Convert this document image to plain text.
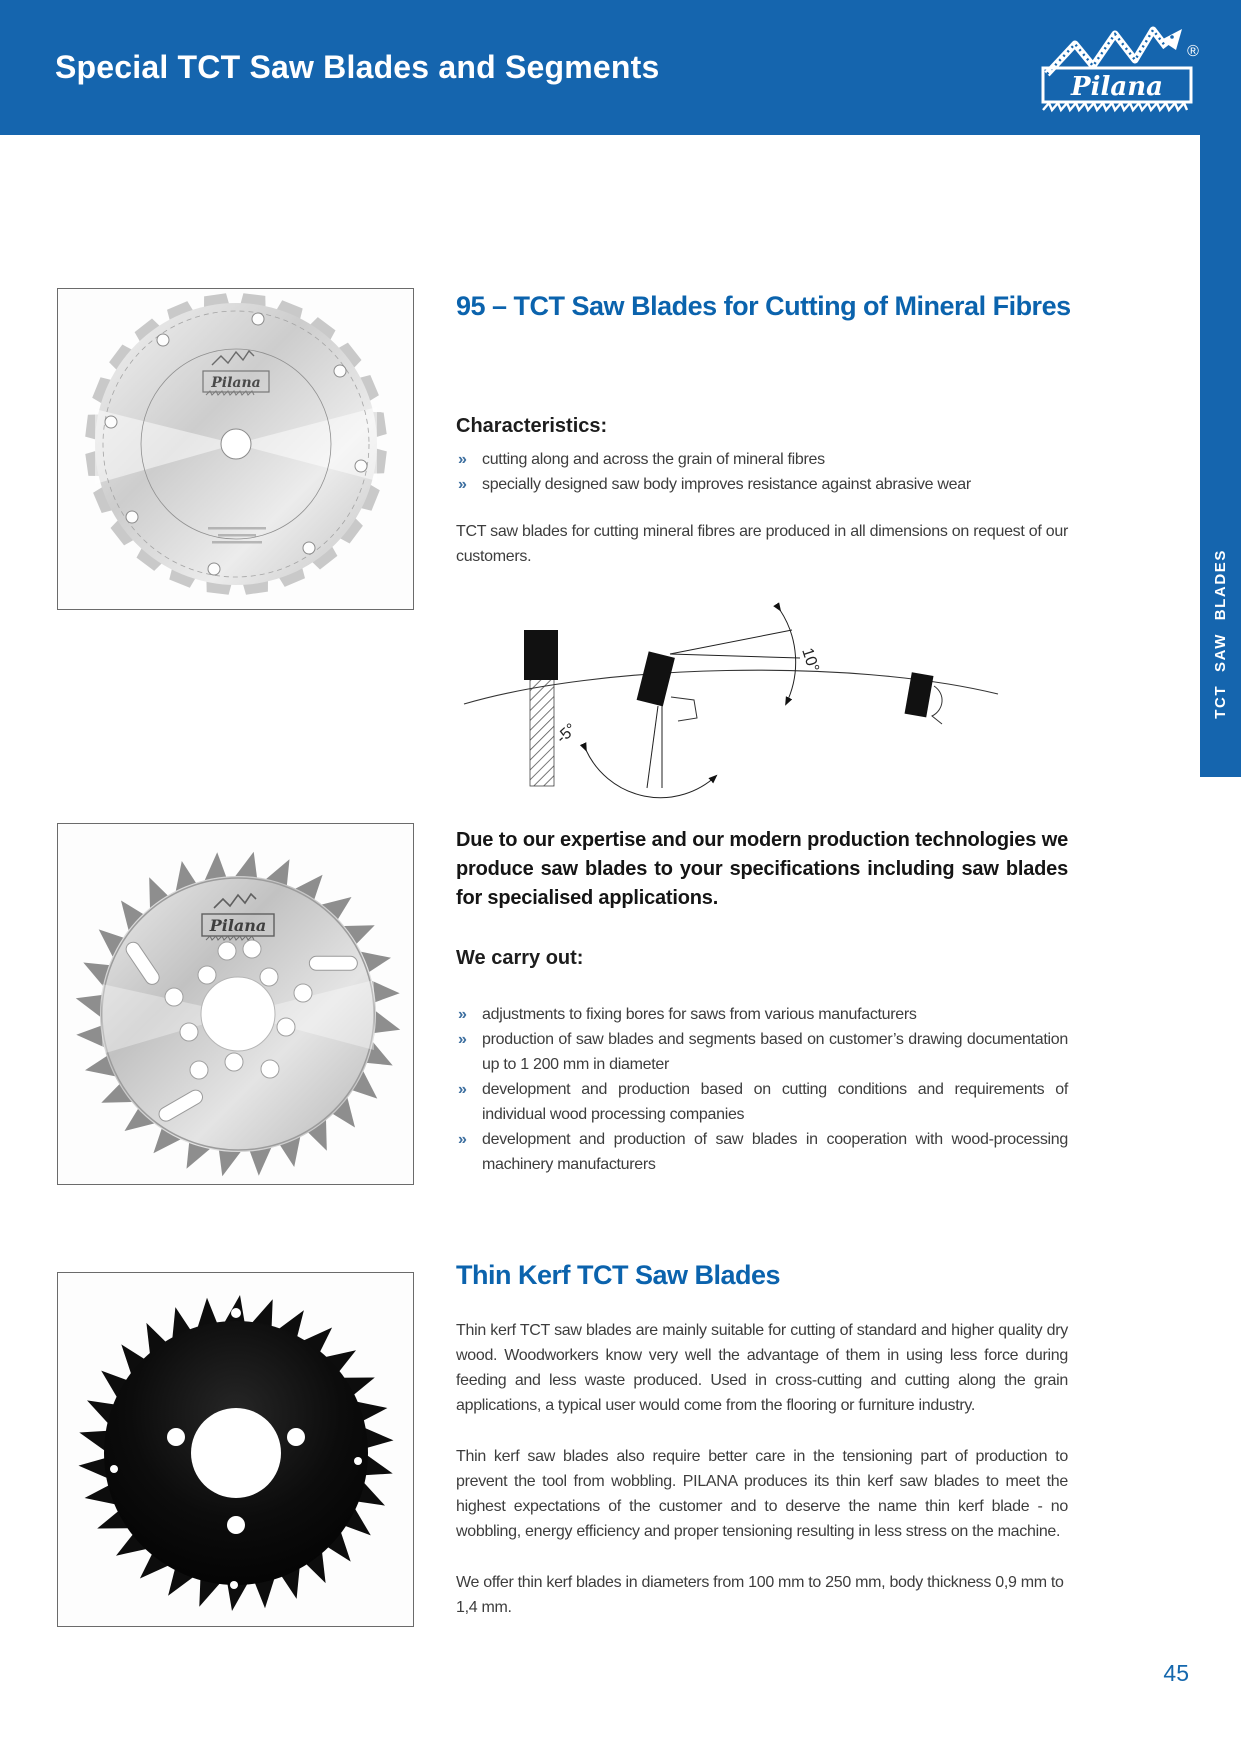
Special TCT Saw Blades and Segments	®
Pilana
TCT SAW BLADES
Pilana
Pilana
95 – TCT Saw Blades for Cutting of Mineral Fibres
Characteristics:
» cutting along and across the grain of mineral fibres
» specially designed saw body improves resistance against abrasive wear

TCT saw blades for cutting mineral fibres are produced in all dimensions on request of our customers.

10°
-5°

Due to our expertise and our modern production technologies we produce saw blades to your specifications including saw blades for specialised applications.

We carry out:
» adjustments to fixing bores for saws from various manufacturers
» production of saw blades and segments based on customer’s drawing documentation up to 1 200 mm in diameter
» development and production based on cutting conditions and requirements of individual wood processing companies
» development and production of saw blades in cooperation with wood-processing machinery manufacturers
Thin Kerf TCT Saw Blades

Thin kerf TCT saw blades are mainly suitable for cutting of standard and higher quality dry wood. Woodworkers know very well the advantage of them in using less force during feeding and less waste produced. Used in cross-cutting and cutting along the grain applications, a typical user would come from the flooring or furniture industry.

Thin kerf saw blades also require better care in the tensioning part of production to prevent the tool from wobbling. PILANA produces its thin kerf saw blades to meet the highest expectations of the customer and to deserve the name thin kerf blade - no wobbling, energy efficiency and proper tensioning resulting in less stress on the machine.

We offer thin kerf blades in diameters from 100 mm to 250 mm, body thickness 0,9 mm to 1,4 mm.

45
